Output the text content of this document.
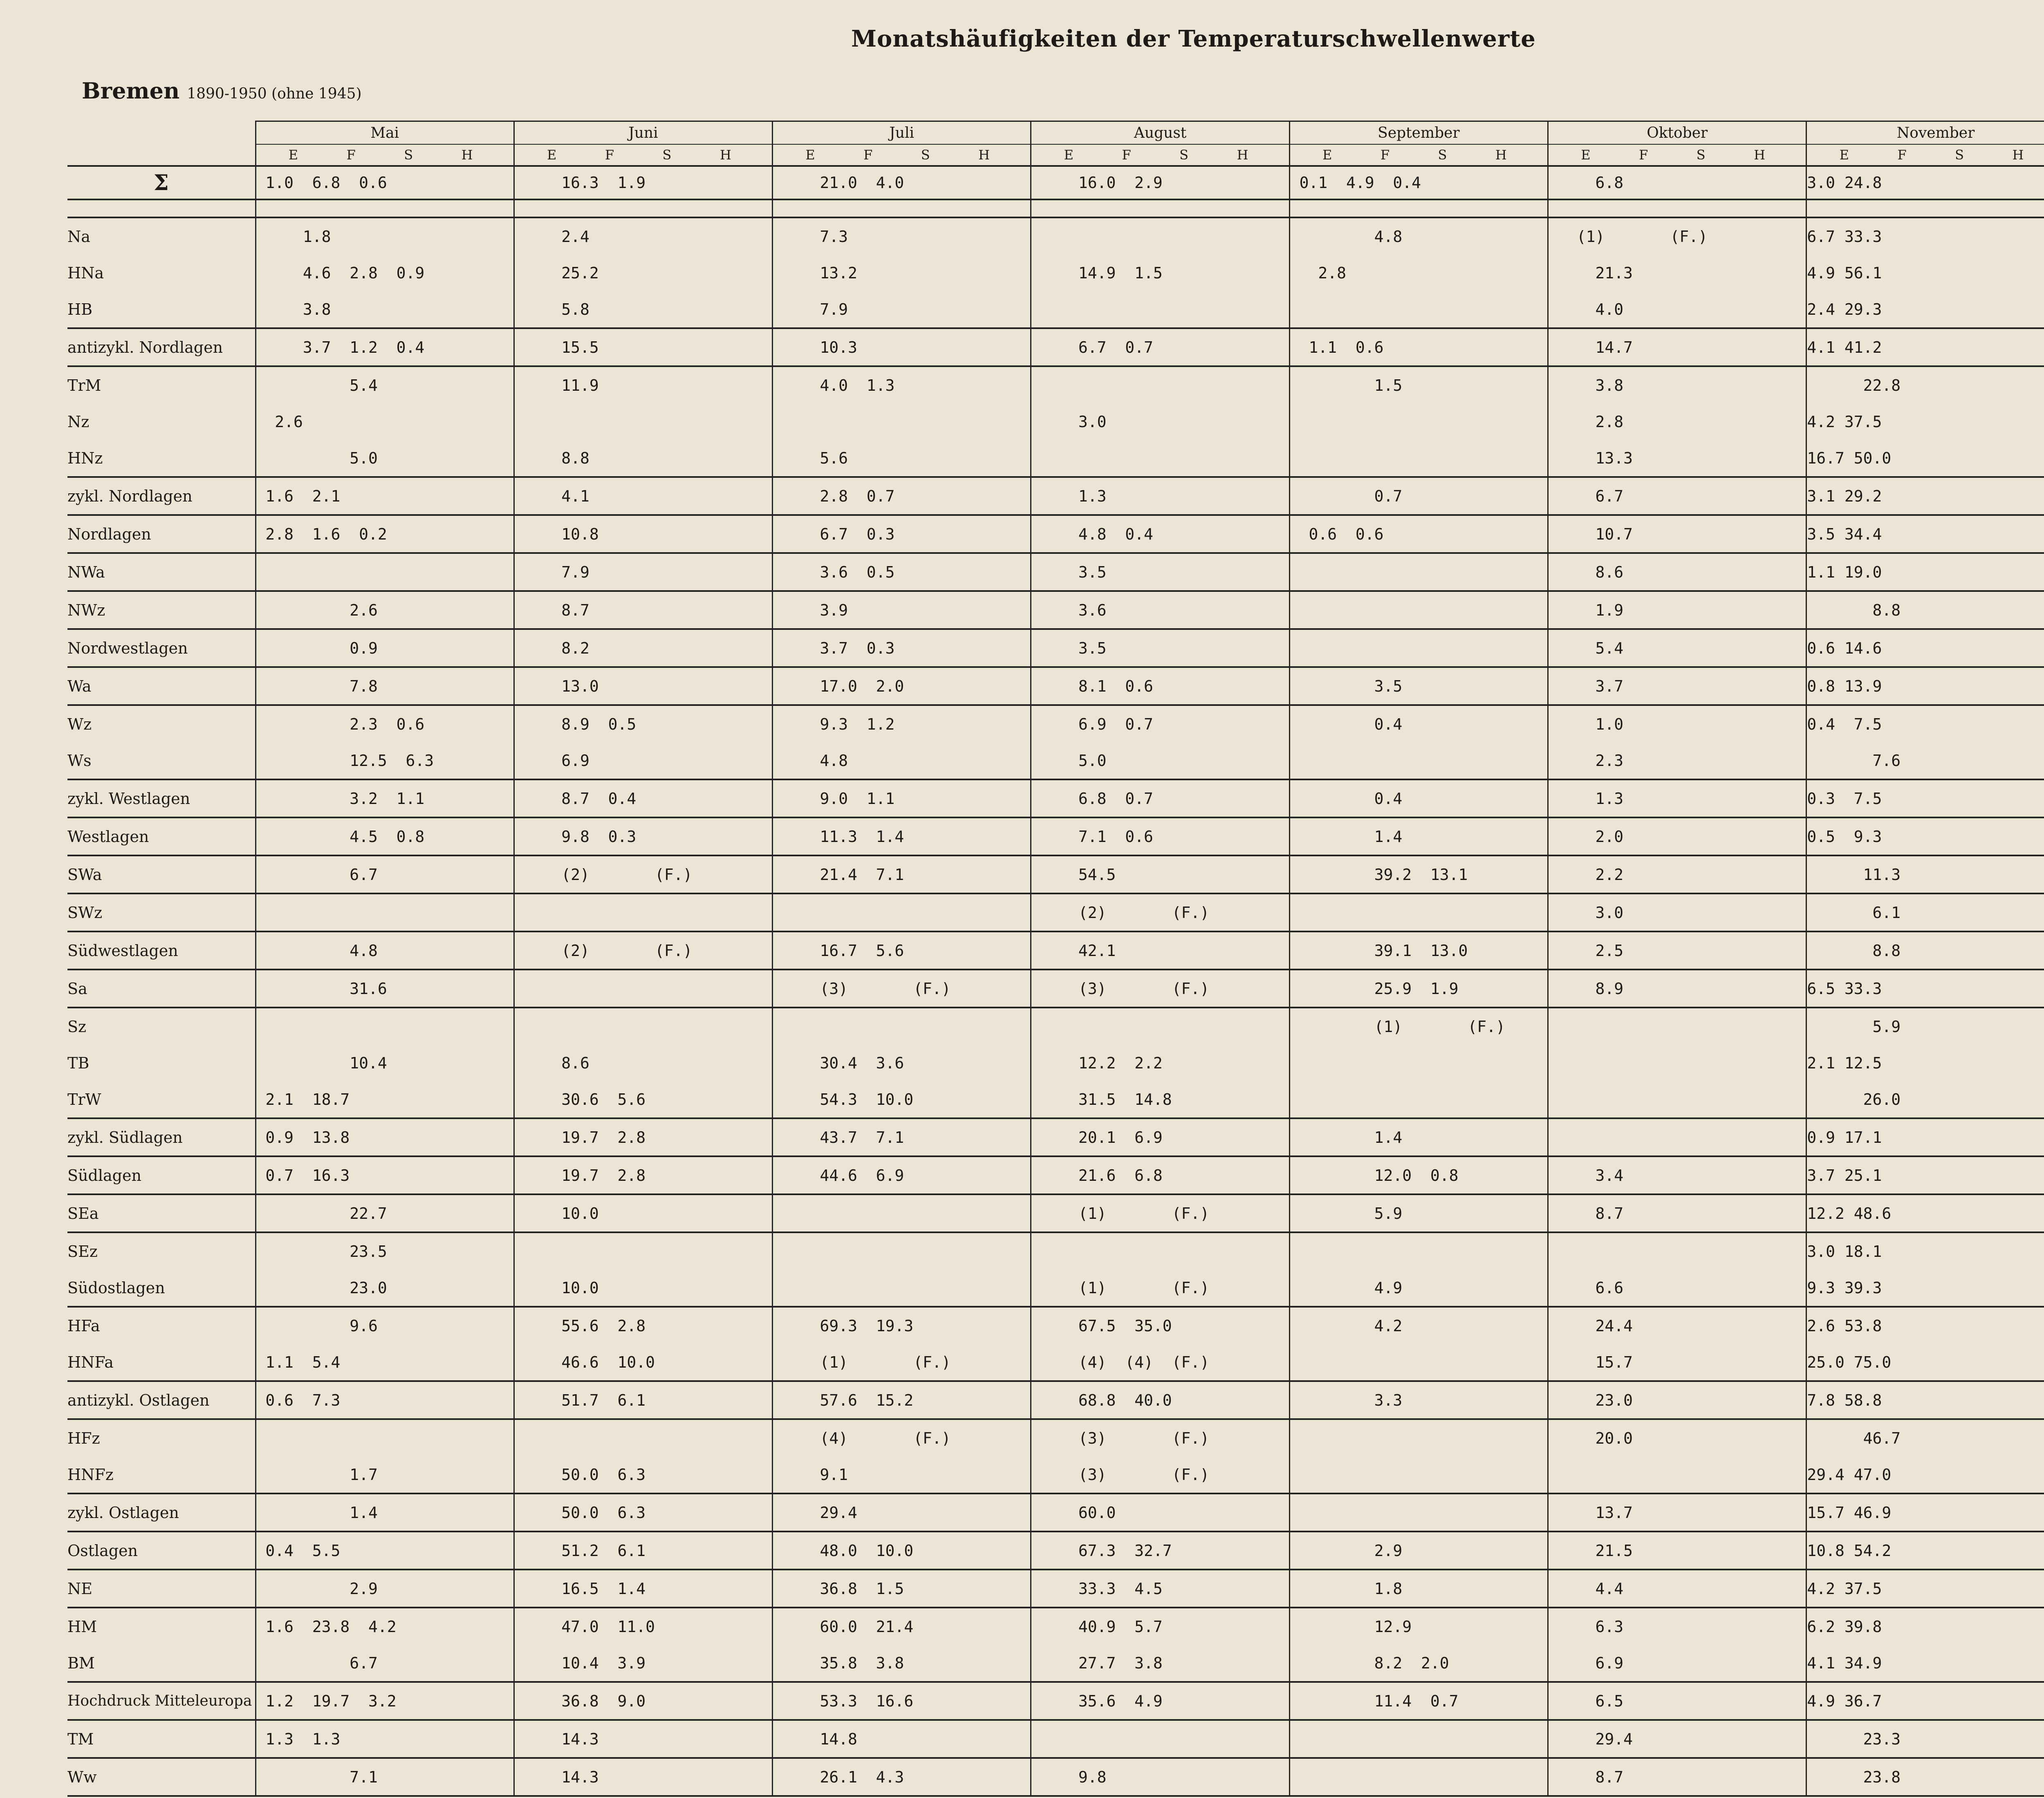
Monatshäufigkeiten der Temperaturschwellenwerte
Bremen 1890-1950 (ohne 1945)
	Mai	Juni	Juli	August	September	Oktober	November	

	E F S H	E F S H	E F S H	E F S H	E F S H	E F S H	E F S H

Σ	1.0  6.8  0.6	16.3  1.9	21.0  4.0	16.0  2.9	0.1  4.9  0.4	6.8	3.0 24.8	

Na	1.8	2.4	7.3		4.8	(1)       (F.)	6.7 33.3	
HNa	4.6  2.8  0.9	25.2	13.2	14.9  1.5	2.8	21.3	4.9 56.1	
HB	3.8	5.8	7.9			4.0	2.4 29.3	
antizykl. Nordlagen	3.7  1.2  0.4	15.5	10.3	6.7  0.7	1.1  0.6	14.7	4.1 41.2	
TrM	5.4	11.9	4.0  1.3		1.5	3.8	22.8	
Nz	2.6			3.0		2.8	4.2 37.5	
HNz	5.0	8.8	5.6			13.3	16.7 50.0	
zykl. Nordlagen	1.6  2.1	4.1	2.8  0.7	1.3	0.7	6.7	3.1 29.2	
Nordlagen	2.8  1.6  0.2	10.8	6.7  0.3	4.8  0.4	0.6  0.6	10.7	3.5 34.4	
NWa		7.9	3.6  0.5	3.5		8.6	1.1 19.0	
NWz	2.6	8.7	3.9	3.6		1.9	8.8	
Nordwestlagen	0.9	8.2	3.7  0.3	3.5		5.4	0.6 14.6	
Wa	7.8	13.0	17.0  2.0	8.1  0.6	3.5	3.7	0.8 13.9	
Wz	2.3  0.6	8.9  0.5	9.3  1.2	6.9  0.7	0.4	1.0	0.4  7.5	
Ws	12.5  6.3	6.9	4.8	5.0		2.3	7.6	
zykl. Westlagen	3.2  1.1	8.7  0.4	9.0  1.1	6.8  0.7	0.4	1.3	0.3  7.5	
Westlagen	4.5  0.8	9.8  0.3	11.3  1.4	7.1  0.6	1.4	2.0	0.5  9.3	
SWa	6.7	(2)       (F.)	21.4  7.1	54.5	39.2  13.1	2.2	11.3	
SWz				(2)       (F.)		3.0	6.1	
Südwestlagen	4.8	(2)       (F.)	16.7  5.6	42.1	39.1  13.0	2.5	8.8	
Sa	31.6		(3)       (F.)	(3)       (F.)	25.9  1.9	8.9	6.5 33.3	
Sz					(1)       (F.)		5.9	
TB	10.4	8.6	30.4  3.6	12.2  2.2			2.1 12.5	
TrW	2.1  18.7	30.6  5.6	54.3  10.0	31.5  14.8			26.0	
zykl. Südlagen	0.9  13.8	19.7  2.8	43.7  7.1	20.1  6.9	1.4		0.9 17.1	
Südlagen	0.7  16.3	19.7  2.8	44.6  6.9	21.6  6.8	12.0  0.8	3.4	3.7 25.1	
SEa	22.7	10.0		(1)       (F.)	5.9	8.7	12.2 48.6	
SEz	23.5						3.0 18.1	
Südostlagen	23.0	10.0		(1)       (F.)	4.9	6.6	9.3 39.3	
HFa	9.6	55.6  2.8	69.3  19.3	67.5  35.0	4.2	24.4	2.6 53.8	
HNFa	1.1  5.4	46.6  10.0	(1)       (F.)	(4)  (4)  (F.)		15.7	25.0 75.0	
antizykl. Ostlagen	0.6  7.3	51.7  6.1	57.6  15.2	68.8  40.0	3.3	23.0	7.8 58.8	
HFz			(4)       (F.)	(3)       (F.)		20.0	46.7	
HNFz	1.7	50.0  6.3	9.1	(3)       (F.)			29.4 47.0	
zykl. Ostlagen	1.4	50.0  6.3	29.4	60.0		13.7	15.7 46.9	
Ostlagen	0.4  5.5	51.2  6.1	48.0  10.0	67.3  32.7	2.9	21.5	10.8 54.2	
NE	2.9	16.5  1.4	36.8  1.5	33.3  4.5	1.8	4.4	4.2 37.5	
HM	1.6  23.8  4.2	47.0  11.0	60.0  21.4	40.9  5.7	12.9	6.3	6.2 39.8	
BM	6.7	10.4  3.9	35.8  3.8	27.7  3.8	8.2  2.0	6.9	4.1 34.9	
Hochdruck Mitteleuropa	1.2  19.7  3.2	36.8  9.0	53.3  16.6	35.6  4.9	11.4  0.7	6.5	4.9 36.7	
TM	1.3  1.3	14.3	14.8			29.4	23.3	
Ww	7.1	14.3	26.1  4.3	9.8		8.7	23.8	
